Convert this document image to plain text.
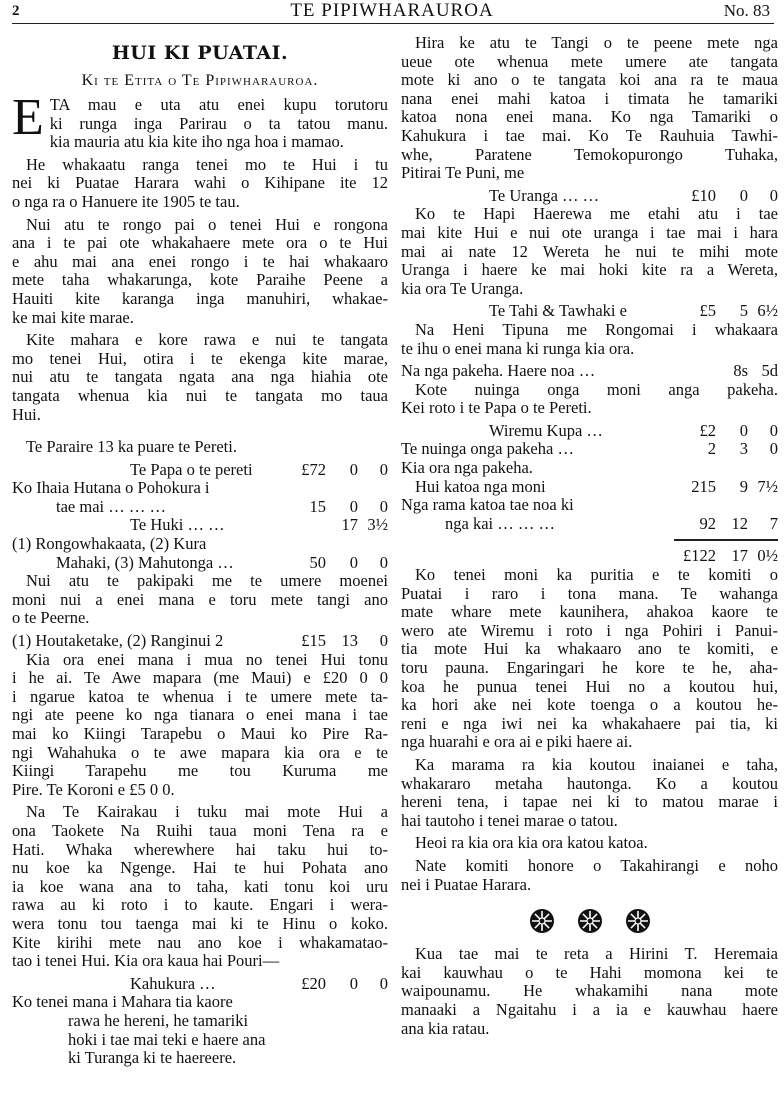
2	TE PIPIWHARAUROA	No. 83
HUI KI PUATAI.
Ki te Etita o Te Pipiwharauroa.
E TA mau e uta atu enei kupu torutoru
ki runga inga Parirau o ta tatou manu.
kia mauria atu kia kite iho nga hoa i mamao.
He whakaatu ranga tenei mo te Hui i tu
nei ki Puatae Harara wahi o Kihipane ite 12
o nga ra o Hanuere ite 1905 te tau.
Nui atu te rongo pai o tenei Hui e rongona
ana i te pai ote whakahaere mete ora o te Hui
e ahu mai ana enei rongo i te hai whakaaro
mete taha whakarunga, kote Paraihe Peene a
Hauiti kite karanga inga manuhiri, whakae-
ke mai kite marae.
Kite mahara e kore rawa e nui te tangata
mo tenei Hui, otira i te ekenga kite marae,
nui atu te tangata ngata ana nga hiahia ote
tangata whenua kia nui te tangata mo taua
Hui.
Te Paraire 13 ka puare te Pereti.
Te Papa o te pereti	£72	0	0
Ko Ihaia Hutana o Pohokura i
tae mai … … …	15	0	0
Te Huki … …	17 3½
(1) Rongowhakaata, (2) Kura
Mahaki, (3) Mahutonga …	50	0	0
Nui atu te pakipaki me te umere moenei
moni nui a enei mana e toru mete tangi ano
o te Peerne.
(1) Houtaketake, (2) Ranginui 2	£15 13	0
Kia ora enei mana i mua no tenei Hui tonu
i he ai. Te Awe mapara (me Maui) e £20 0 0
i ngarue katoa te whenua i te umere mete ta-
ngi ate peene ko nga tianara o enei mana i tae
mai ko Kiingi Tarapebu o Maui ko Pire Ra-
ngi Wahahuka o te awe mapara kia ora e te
Kiingi Tarapehu me tou Kuruma me
Pire. Te Koroni e £5 0 0.
Na Te Kairakau i tuku mai mote Hui a
ona Taokete Na Ruihi taua moni Tena ra e
Hati. Whaka wherewhere hai taku hui to-
nu koe ka Ngenge. Hai te hui Pohata ano
ia koe wana ana to taha, kati tonu koi uru
rawa au ki roto i to kaute. Engari i wera-
wera tonu tou taenga mai ki te Hinu o koko.
Kite kirihi mete nau ano koe i whakamatao-
tao i tenei Hui. Kia ora kaua hai Pouri—
Kahukura …	£20	0	0
Ko tenei mana i Mahara tia kaore
rawa he hereni, he tamariki
hoki i tae mai teki e haere ana
ki Turanga ki te haereere.
Hira ke atu te Tangi o te peene mete nga
ueue ote whenua mete umere ate tangata
mote ki ano o te tangata koi ana ra te maua
nana enei mahi katoa i timata he tamariki
katoa nona enei mana. Ko nga Tamariki o
Kahukura i tae mai. Ko Te Rauhuia Tawhi-
whe, Paratene Temokopurongo Tuhaka,
Pitirai Te Puni, me
Te Uranga … …	£10	0	0
Ko te Hapi Haerewa me etahi atu i tae
mai kite Hui e nui ote uranga i tae mai i hara
mai ai nate 12 Wereta he nui te mihi mote
Uranga i haere ke mai hoki kite ra a Wereta,
kia ora Te Uranga.
Te Tahi & Tawhaki e	£5	5 6½
Na Heni Tipuna me Rongomai i whakaara
te ihu o enei mana ki runga kia ora.
Na nga pakeha. Haere noa …	8s 5d
Kote nuinga onga moni anga pakeha.
Kei roto i te Papa o te Pereti.
Wiremu Kupa …	£2	0	0
Te nuinga onga pakeha …	2	3	0
Kia ora nga pakeha.
Hui katoa nga moni	215	9 7½
Nga rama katoa tae noa ki
nga kai … … …	92 12	7
£122 17 0½
Ko tenei moni ka puritia e te komiti o
Puatai i raro i tona mana. Te wahanga
mate whare mete kaunihera, ahakoa kaore te
wero ate Wiremu i roto i nga Pohiri i Panui-
tia mote Hui ka whakaaro ano te komiti, e
toru pauna. Engaringari he kore te he, aha-
koa he punua tenei Hui no a koutou hui,
ka hori ake nei kote toenga o a koutou he-
reni e nga iwi nei ka whakahaere pai tia, ki
nga huarahi e ora ai e piki haere ai.
Ka marama ra kia koutou inaianei e taha,
whakararo metaha hautonga. Ko a koutou
hereni tena, i tapae nei ki to matou marae i
hai tautoho i tenei marae o tatou.
Heoi ra kia ora kia ora katou katoa.
Nate komiti honore o Takahirangi e noho
nei i Puatae Harara.
Kua tae mai te reta a Hirini T. Heremaia
kai kauwhau o te Hahi momona kei te
waipounamu. He whakamihi nana mote
manaaki a Ngaitahu i a ia e kauwhau haere
ana kia ratau.
